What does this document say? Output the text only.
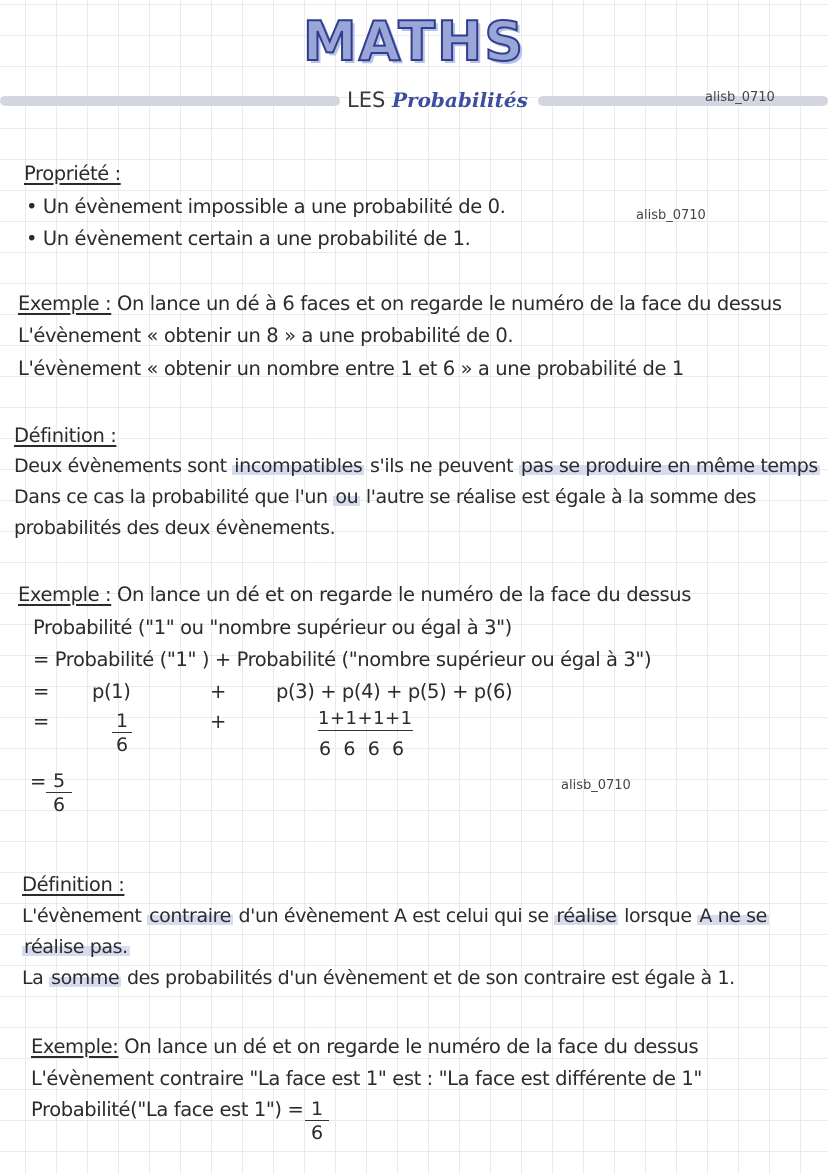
MATHS
LES Probabilités	alisb_0710
Propriété :
• Un évènement impossible a une probabilité de 0.
• Un évènement certain a une probabilité de 1.
alisb_0710
Exemple : On lance un dé à 6 faces et on regarde le numéro de la face du dessus
L'évènement « obtenir un 8 » a une probabilité de 0.
L'évènement « obtenir un nombre entre 1 et 6 » a une probabilité de 1
Définition :
Deux évènements sont incompatibles s'ils ne peuvent pas se produire en même temps
Dans ce cas la probabilité que l'un ou l'autre se réalise est égale à la somme des
probabilités des deux évènements.
Exemple : On lance un dé et on regarde le numéro de la face du dessus
Probabilité ("1" ou "nombre supérieur ou égal à 3")
= Probabilité ("1" ) + Probabilité ("nombre supérieur ou égal à 3")
= p(1)	+	p(3) + p(4) + p(5) + p(6)
=	$\frac{1}{6}$	+	1+1+1+1
6 6 6 6
= $\frac{5}{6}$	alisb_0710
Définition :
L'évènement contraire d'un évènement A est celui qui se réalise lorsque A ne se
réalise pas.
La somme des probabilités d'un évènement et de son contraire est égale à 1.
Exemple: On lance un dé et on regarde le numéro de la face du dessus
L'évènement contraire "La face est 1" est : "La face est différente de 1"
Probabilité("La face est 1") = $\frac{1}{6}$
